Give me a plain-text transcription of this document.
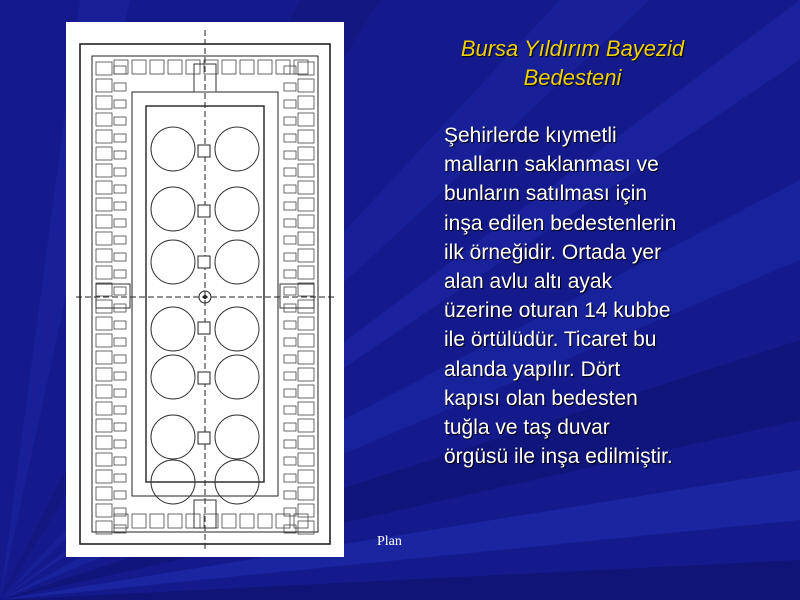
Bursa Yıldırım Bayezid
Bedesteni
Şehirlerde kıymetli
malların saklanması ve
bunların satılması için
inşa edilen bedestenlerin
ilk örneğidir. Ortada yer
alan avlu altı ayak
üzerine oturan 14 kubbe
ile örtülüdür. Ticaret bu
alanda yapılır. Dört
kapısı olan bedesten
tuğla ve taş duvar
örgüsü ile inşa edilmiştir.
Plan
